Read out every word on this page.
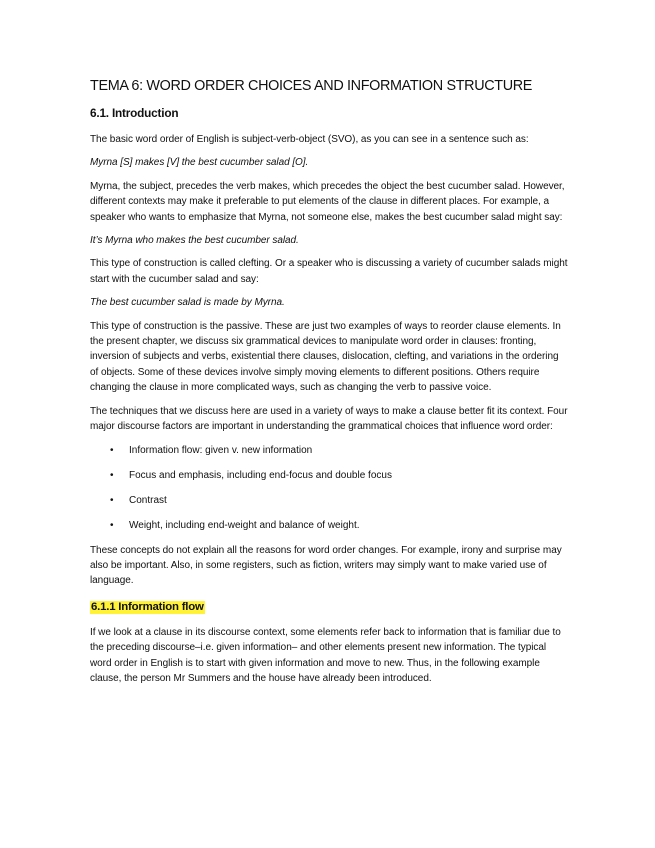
TEMA 6: WORD ORDER CHOICES AND INFORMATION STRUCTURE
6.1. Introduction

The basic word order of English is subject-verb-object (SVO), as you can see in a sentence such as:

Myrna [S] makes [V] the best cucumber salad [O].

Myrna, the subject, precedes the verb makes, which precedes the object the best cucumber salad. However, different contexts may make it preferable to put elements of the clause in different places. For example, a speaker who wants to emphasize that Myrna, not someone else, makes the best cucumber salad might say:

It’s Myrna who makes the best cucumber salad.

This type of construction is called clefting. Or a speaker who is discussing a variety of cucumber salads might start with the cucumber salad and say:

The best cucumber salad is made by Myrna.

This type of construction is the passive. These are just two examples of ways to reorder clause elements. In the present chapter, we discuss six grammatical devices to manipulate word order in clauses: fronting, inversion of subjects and verbs, existential there clauses, dislocation, clefting, and variations in the ordering of objects. Some of these devices involve simply moving elements to different positions. Others require changing the clause in more complicated ways, such as changing the verb to passive voice.

The techniques that we discuss here are used in a variety of ways to make a clause better fit its context. Four major discourse factors are important in understanding the grammatical choices that influence word order:

• Information flow: given v. new information
• Focus and emphasis, including end-focus and double focus
• Contrast
• Weight, including end-weight and balance of weight.

These concepts do not explain all the reasons for word order changes. For example, irony and surprise may also be important. Also, in some registers, such as fiction, writers may simply want to make varied use of language.

6.1.1 Information flow

If we look at a clause in its discourse context, some elements refer back to information that is familiar due to the preceding discourse–i.e. given information– and other elements present new information. The typical word order in English is to start with given information and move to new. Thus, in the following example clause, the person Mr Summers and the house have already been introduced.
